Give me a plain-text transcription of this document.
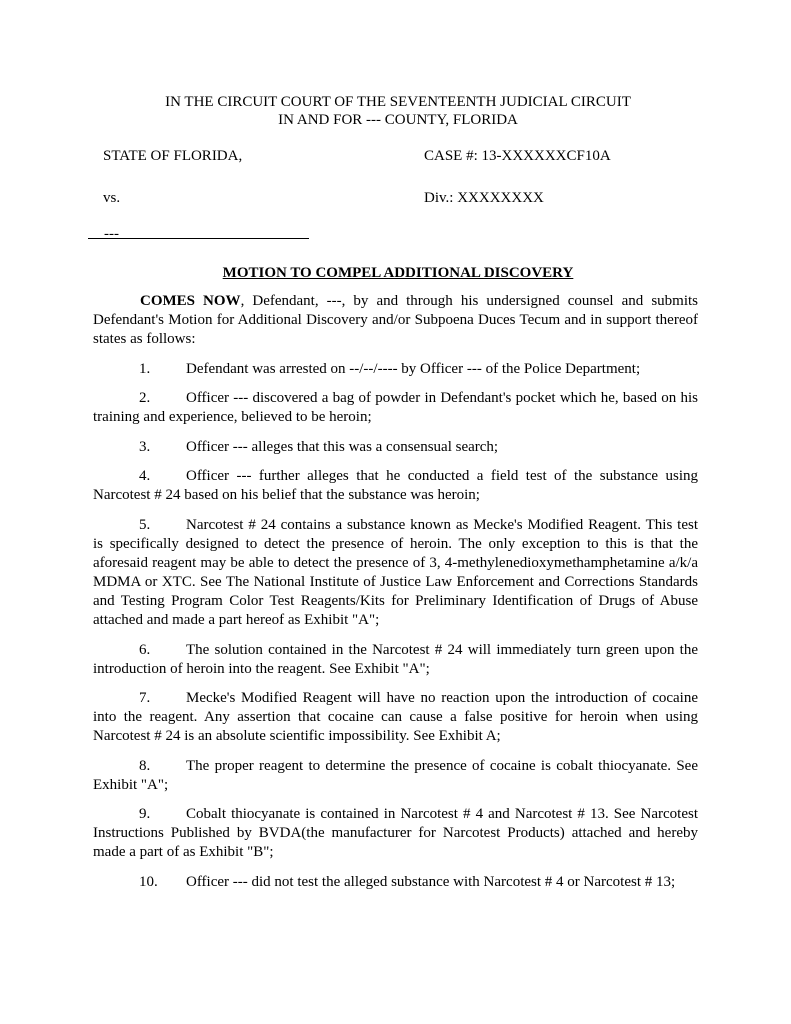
IN THE CIRCUIT COURT OF THE SEVENTEENTH JUDICIAL CIRCUIT
IN AND FOR --- COUNTY, FLORIDA
STATE OF FLORIDA,	CASE #: 13-XXXXXXCF10A
vs.	Div.: XXXXXXXX
---
MOTION TO COMPEL ADDITIONAL DISCOVERY
COMES NOW, Defendant, ---, by and through his undersigned counsel and submits Defendant's Motion for Additional Discovery and/or Subpoena Duces Tecum and in support thereof states as follows:
1. Defendant was arrested on --/--/---- by Officer --- of the Police Department;
2. Officer --- discovered a bag of powder in Defendant's pocket which he, based on his training and experience, believed to be heroin;
3. Officer --- alleges that this was a consensual search;
4. Officer --- further alleges that he conducted a field test of the substance using Narcotest # 24 based on his belief that the substance was heroin;
5. Narcotest # 24 contains a substance known as Mecke's Modified Reagent. This test is specifically designed to detect the presence of heroin. The only exception to this is that the aforesaid reagent may be able to detect the presence of 3, 4-methylenedioxymethamphetamine a/k/a MDMA or XTC. See The National Institute of Justice Law Enforcement and Corrections Standards and Testing Program Color Test Reagents/Kits for Preliminary Identification of Drugs of Abuse attached and made a part hereof as Exhibit "A";
6. The solution contained in the Narcotest # 24 will immediately turn green upon the introduction of heroin into the reagent. See Exhibit "A";
7. Mecke's Modified Reagent will have no reaction upon the introduction of cocaine into the reagent. Any assertion that cocaine can cause a false positive for heroin when using Narcotest # 24 is an absolute scientific impossibility. See Exhibit A;
8. The proper reagent to determine the presence of cocaine is cobalt thiocyanate. See Exhibit "A";
9. Cobalt thiocyanate is contained in Narcotest # 4 and Narcotest # 13. See Narcotest Instructions Published by BVDA(the manufacturer for Narcotest Products) attached and hereby made a part of as Exhibit "B";
10. Officer --- did not test the alleged substance with Narcotest # 4 or Narcotest # 13;
